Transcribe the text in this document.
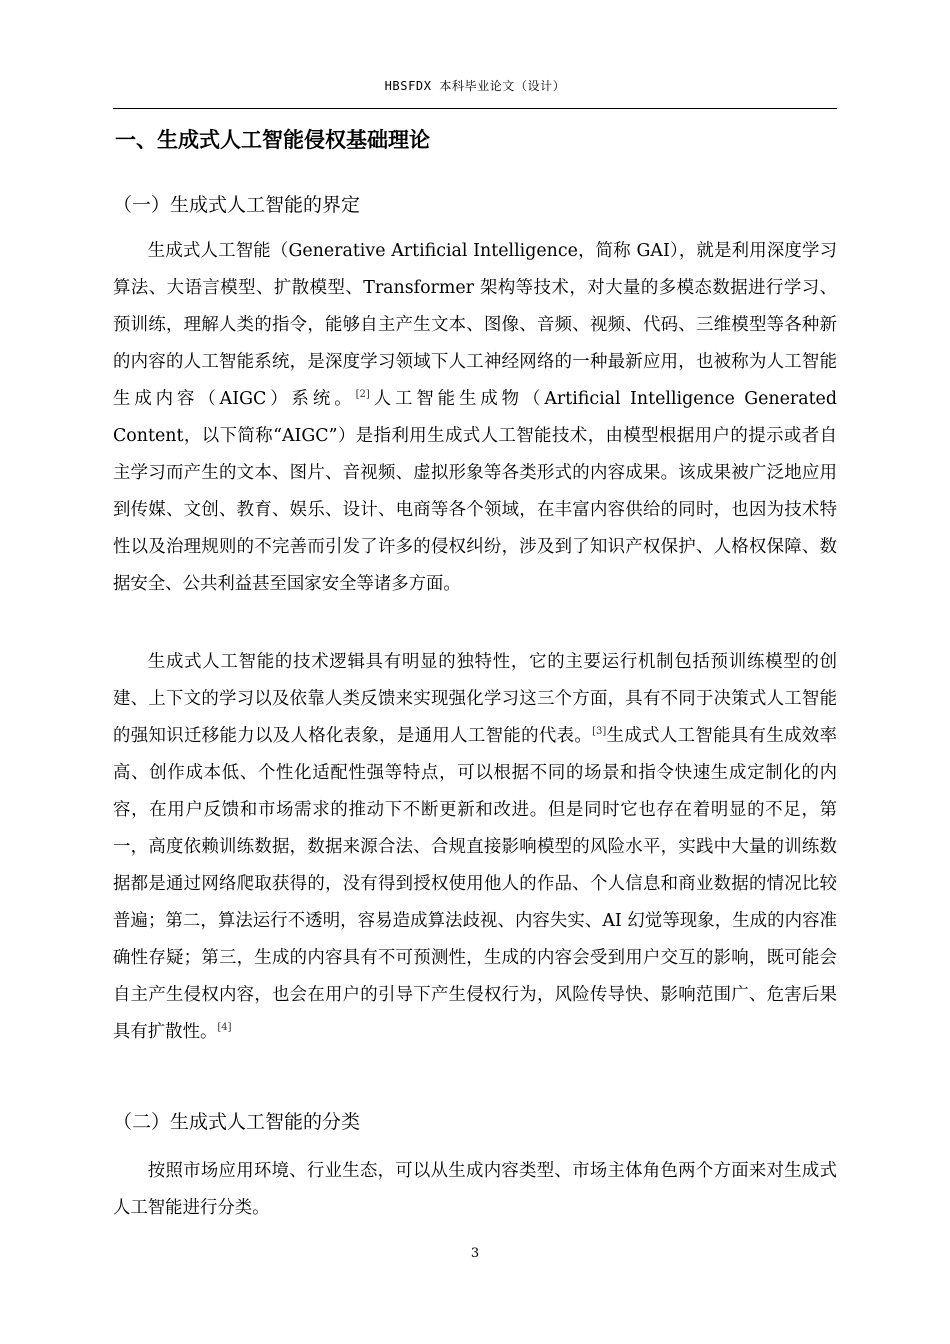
HBSFDX 本科毕业论文（设计）
一、生成式人工智能侵权基础理论
（一）生成式人工智能的界定
生成式人工智能（Generative Artificial Intelligence，简称 GAI），就是利用深度学习算法、大语言模型、扩散模型、Transformer 架构等技术，对大量的多模态数据进行学习、预训练，理解人类的指令，能够自主产生文本、图像、音频、视频、代码、三维模型等各种新的内容的人工智能系统，是深度学习领域下人工神经网络的一种最新应用，也被称为人工智能生成内容（AIGC）系统。[2]人工智能生成物（Artificial Intelligence Generated Content，以下简称“AIGC”）是指利用生成式人工智能技术，由模型根据用户的提示或者自主学习而产生的文本、图片、音视频、虚拟形象等各类形式的内容成果。该成果被广泛地应用到传媒、文创、教育、娱乐、设计、电商等各个领域，在丰富内容供给的同时，也因为技术特性以及治理规则的不完善而引发了许多的侵权纠纷，涉及到了知识产权保护、人格权保障、数据安全、公共利益甚至国家安全等诸多方面。
生成式人工智能的技术逻辑具有明显的独特性，它的主要运行机制包括预训练模型的创建、上下文的学习以及依靠人类反馈来实现强化学习这三个方面，具有不同于决策式人工智能的强知识迁移能力以及人格化表象，是通用人工智能的代表。[3]生成式人工智能具有生成效率高、创作成本低、个性化适配性强等特点，可以根据不同的场景和指令快速生成定制化的内容，在用户反馈和市场需求的推动下不断更新和改进。但是同时它也存在着明显的不足，第一，高度依赖训练数据，数据来源合法、合规直接影响模型的风险水平，实践中大量的训练数据都是通过网络爬取获得的，没有得到授权使用他人的作品、个人信息和商业数据的情况比较普遍；第二，算法运行不透明，容易造成算法歧视、内容失实、AI 幻觉等现象，生成的内容准确性存疑；第三，生成的内容具有不可预测性，生成的内容会受到用户交互的影响，既可能会自主产生侵权内容，也会在用户的引导下产生侵权行为，风险传导快、影响范围广、危害后果具有扩散性。[4]
（二）生成式人工智能的分类
按照市场应用环境、行业生态，可以从生成内容类型、市场主体角色两个方面来对生成式人工智能进行分类。
3
